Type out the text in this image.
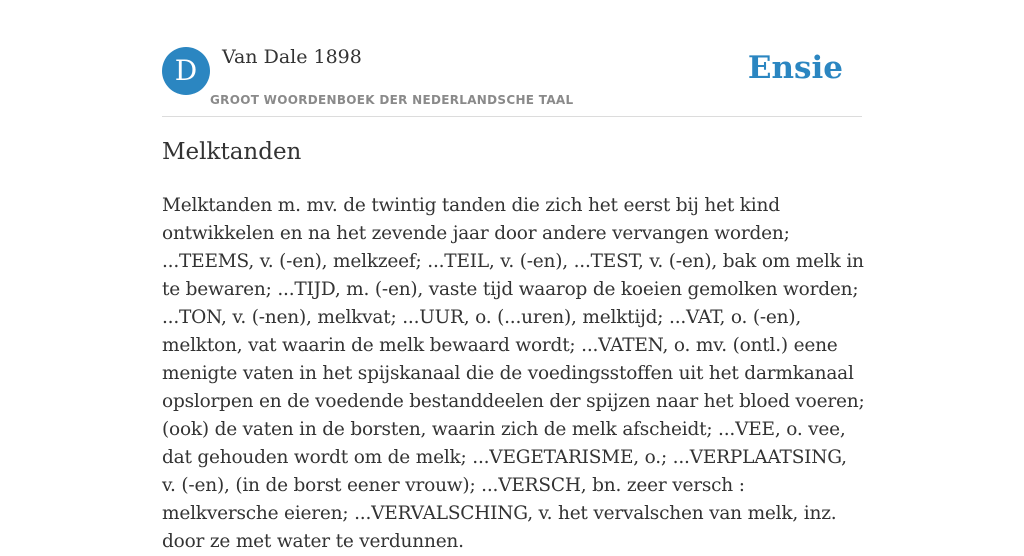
D	Van Dale 1898
GROOT WOORDENBOEK DER NEDERLANDSCHE TAAL
Ensie
Melktanden

Melktanden m. mv. de twintig tanden die zich het eerst bij het kind ontwikkelen en na het zevende jaar door andere vervangen worden; ...TEEMS, v. (-en), melkzeef; ...TEIL, v. (-en), ...TEST, v. (-en), bak om melk in te bewaren; ...TIJD, m. (-en), vaste tijd waarop de koeien gemolken worden; ...TON, v. (-nen), melkvat; ...UUR, o. (...uren), melktijd; ...VAT, o. (-en), melkton, vat waarin de melk bewaard wordt; ...VATEN, o. mv. (ontl.) eene menigte vaten in het spijskanaal die de voedingsstoffen uit het darmkanaal opslorpen en de voedende bestanddeelen der spijzen naar het bloed voeren; (ook) de vaten in de borsten, waarin zich de melk afscheidt; ...VEE, o. vee, dat gehouden wordt om de melk; ...VEGETARISME, o.; ...VERPLAATSING, v. (-en), (in de borst eener vrouw); ...VERSCH, bn. zeer versch : melkversche eieren; ...VERVALSCHING, v. het vervalschen van melk, inz. door ze met water te verdunnen.
